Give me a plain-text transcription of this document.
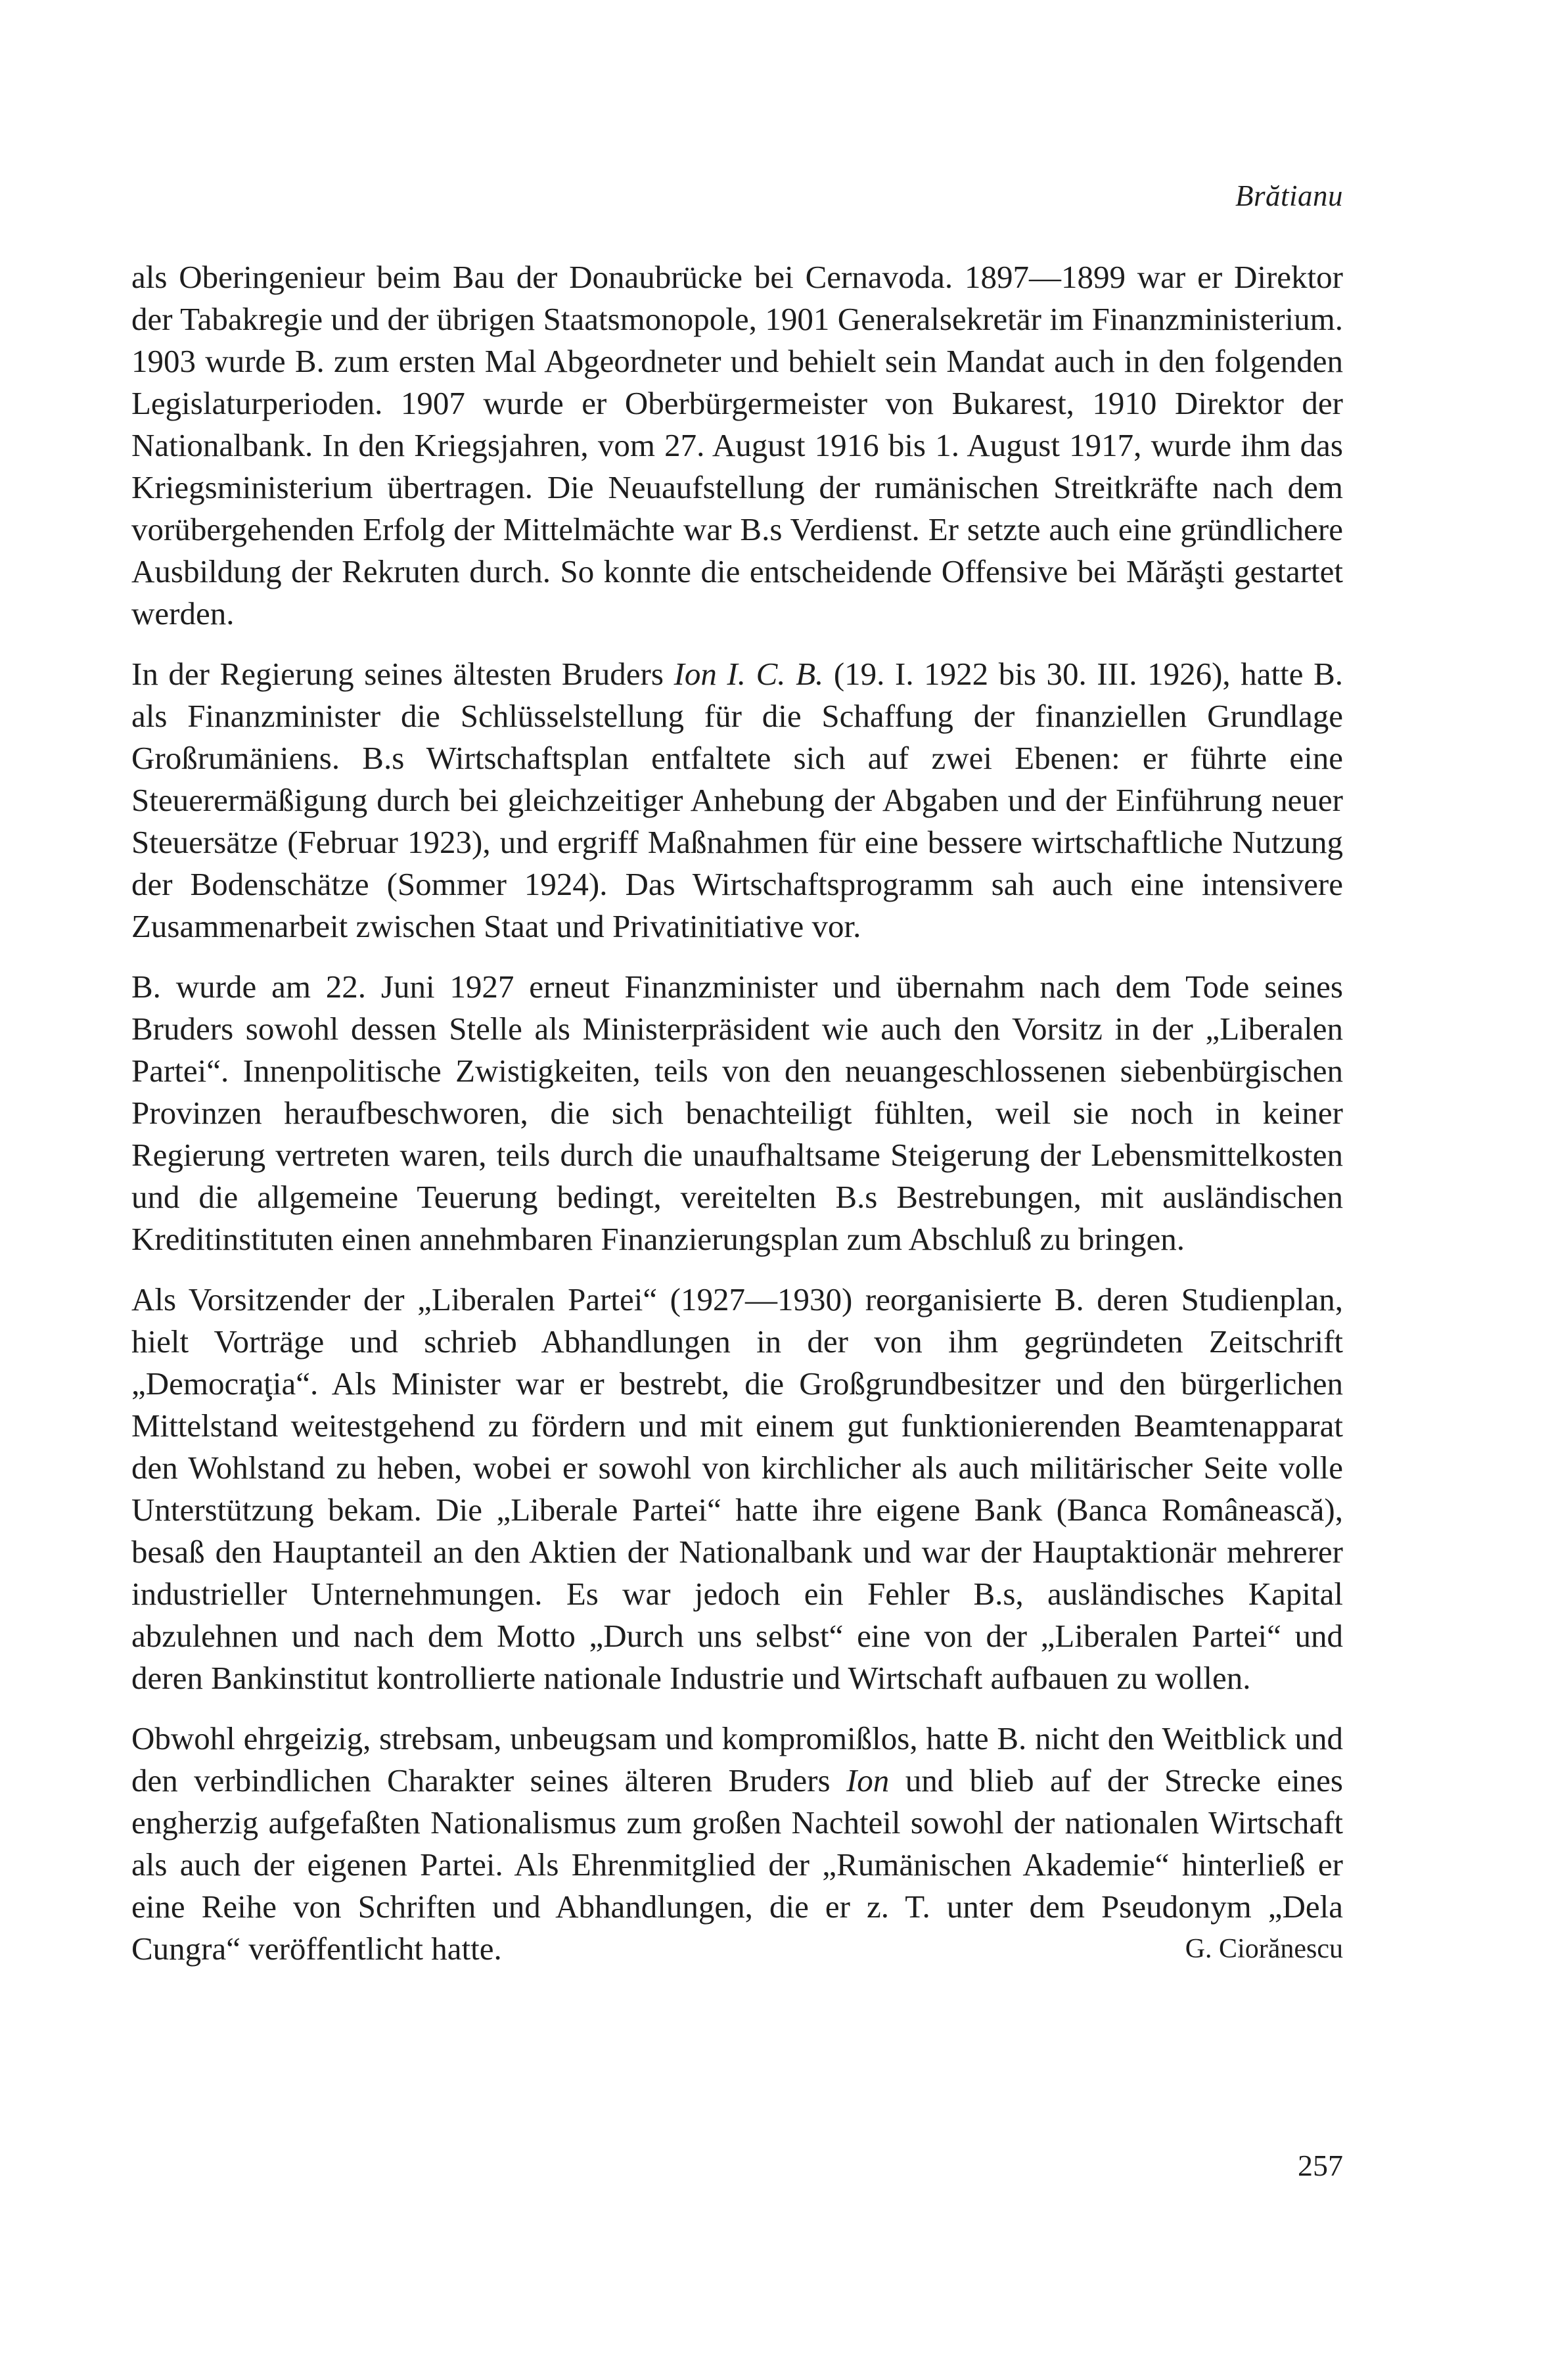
Brătianu

als Oberingenieur beim Bau der Donaubrücke bei Cernavoda. 1897—1899 war er Direktor der Tabakregie und der übrigen Staatsmonopole, 1901 Generalsekretär im Finanzministerium. 1903 wurde B. zum ersten Mal Abgeordneter und behielt sein Mandat auch in den folgenden Legislaturperioden. 1907 wurde er Oberbürgermeister von Bukarest, 1910 Direktor der Nationalbank. In den Kriegsjahren, vom 27. August 1916 bis 1. August 1917, wurde ihm das Kriegsministerium übertragen. Die Neuaufstellung der rumänischen Streitkräfte nach dem vorübergehenden Erfolg der Mittelmächte war B.s Verdienst. Er setzte auch eine gründlichere Ausbildung der Rekruten durch. So konnte die entscheidende Offensive bei Mărăşti gestartet werden.

In der Regierung seines ältesten Bruders Ion I. C. B. (19. I. 1922 bis 30. III. 1926), hatte B. als Finanzminister die Schlüsselstellung für die Schaffung der finanziellen Grundlage Großrumäniens. B.s Wirtschaftsplan entfaltete sich auf zwei Ebenen: er führte eine Steuerermäßigung durch bei gleichzeitiger Anhebung der Abgaben und der Einführung neuer Steuersätze (Februar 1923), und ergriff Maßnahmen für eine bessere wirtschaftliche Nutzung der Bodenschätze (Sommer 1924). Das Wirtschaftsprogramm sah auch eine intensivere Zusammenarbeit zwischen Staat und Privatinitiative vor.

B. wurde am 22. Juni 1927 erneut Finanzminister und übernahm nach dem Tode seines Bruders sowohl dessen Stelle als Ministerpräsident wie auch den Vorsitz in der „Liberalen Partei“. Innenpolitische Zwistigkeiten, teils von den neuangeschlossenen siebenbürgischen Provinzen heraufbeschworen, die sich benachteiligt fühlten, weil sie noch in keiner Regierung vertreten waren, teils durch die unaufhaltsame Steigerung der Lebensmittelkosten und die allgemeine Teuerung bedingt, vereitelten B.s Bestrebungen, mit ausländischen Kreditinstituten einen annehmbaren Finanzierungsplan zum Abschluß zu bringen.

Als Vorsitzender der „Liberalen Partei“ (1927—1930) reorganisierte B. deren Studienplan, hielt Vorträge und schrieb Abhandlungen in der von ihm gegründeten Zeitschrift „Democraţia“. Als Minister war er bestrebt, die Großgrundbesitzer und den bürgerlichen Mittelstand weitestgehend zu fördern und mit einem gut funktionierenden Beamtenapparat den Wohlstand zu heben, wobei er sowohl von kirchlicher als auch militärischer Seite volle Unterstützung bekam. Die „Liberale Partei“ hatte ihre eigene Bank (Banca Românească), besaß den Hauptanteil an den Aktien der Nationalbank und war der Hauptaktionär mehrerer industrieller Unternehmungen. Es war jedoch ein Fehler B.s, ausländisches Kapital abzulehnen und nach dem Motto „Durch uns selbst“ eine von der „Liberalen Partei“ und deren Bankinstitut kontrollierte nationale Industrie und Wirtschaft aufbauen zu wollen.

Obwohl ehrgeizig, strebsam, unbeugsam und kompromißlos, hatte B. nicht den Weitblick und den verbindlichen Charakter seines älteren Bruders Ion und blieb auf der Strecke eines engherzig aufgefaßten Nationalismus zum großen Nachteil sowohl der nationalen Wirtschaft als auch der eigenen Partei. Als Ehrenmitglied der „Rumänischen Akademie“ hinterließ er eine Reihe von Schriften und Abhandlungen, die er z. T. unter dem Pseudonym „Dela Cungra“ veröffentlicht hatte.	G. Ciorănescu

257
